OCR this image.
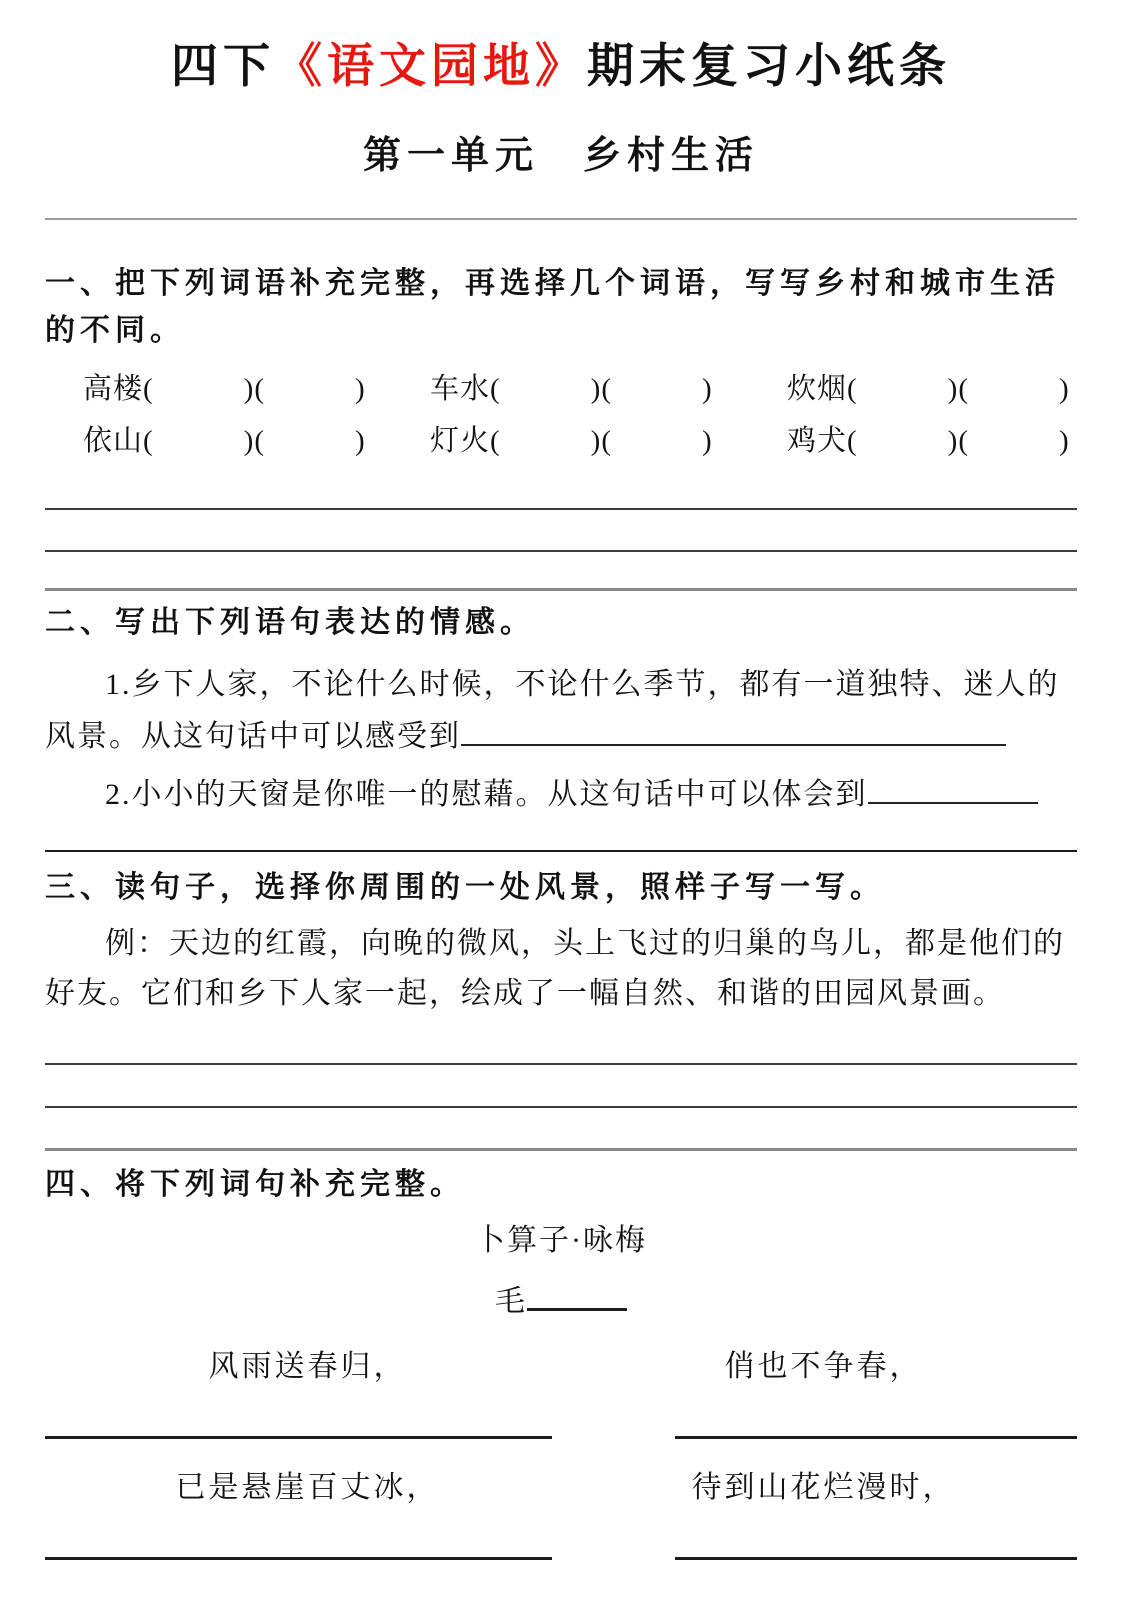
四下《语文园地》期末复习小纸条
第一单元　乡村生活
一、把下列词语补充完整，再选择几个词语，写写乡村和城市生活的不同。
高楼(　　　)(　　　)	车水(　　　)(　　　)	炊烟(　　　)(　　　)
依山(　　　)(　　　)	灯火(　　　)(　　　)	鸡犬(　　　)(　　　)
二、写出下列语句表达的情感。

1.乡下人家，不论什么时候，不论什么季节，都有一道独特、迷人的风景。从这句话中可以感受到

2.小小的天窗是你唯一的慰藉。从这句话中可以体会到

三、读句子，选择你周围的一处风景，照样子写一写。

例：天边的红霞，向晚的微风，头上飞过的归巢的鸟儿，都是他们的好友。它们和乡下人家一起，绘成了一幅自然、和谐的田园风景画。

四、将下列词句补充完整。
卜算子·咏梅
毛
风雨送春归，	俏也不争春，
已是悬崖百丈冰，	待到山花烂漫时，
